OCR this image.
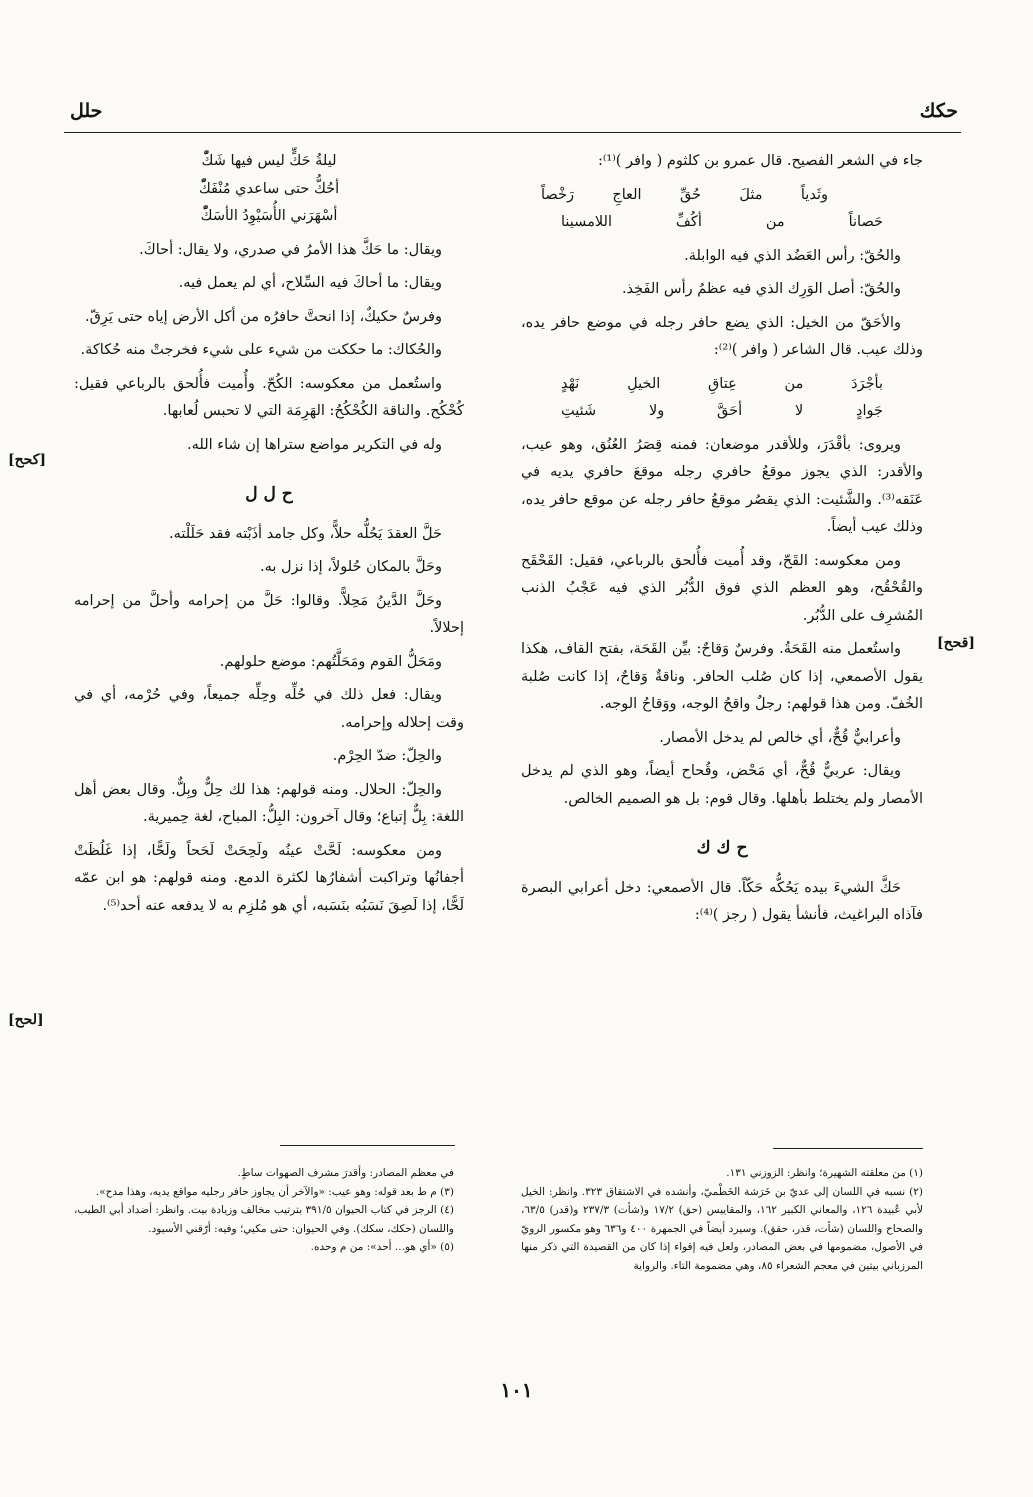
حكك
حلل

جاء في الشعر الفصيح. قال عمرو بن كلثوم ( وافر )⁽¹⁾:

وثَدياً مثلَ حُقِّ العاجِ رَخْصاً
حَصاناً من أكُفِّ اللامسينا

والحُقّ: رأس العَضُد الذي فيه الوابلة.

والحُقّ: أصل الوَرِك الذي فيه عظمُ رأس الفَخِذ.

والأحَقّ من الخيل: الذي يضع حافر رجله في موضع حافر يده، وذلك عيب. قال الشاعر ( وافر )⁽²⁾:

بأجْرَدَ من عِتاقِ الخيلِ نَهْدٍ
جَوادٍ لا أحَقَّ ولا شَئيتِ

ويروى: بأقْدَرَ، وللأقدر موضعان: فمنه قِصَرُ العُنُق، وهو عيب، والأقدر: الذي يجوز موقعُ حافري رجله موقعَ حافري يديه في عَنَقه⁽³⁾. والشَّئيت: الذي يقصُر موقعُ حافر رجله عن موقع حافر يده، وذلك عيب أيضاً.

ومن معكوسه: القَحّ، وقد أُميت فأُلحق بالرباعي، فقيل: القَحْقَح والقُحْقُح، وهو العظم الذي فوق الدُّبُر الذي فيه عَجْبُ الذنب المُشرِف على الدُّبُر.

واستُعمل منه القَحَةُ. وفرسٌ وَقاحٌ: بيِّن القَحَة، بفتح القاف، هكذا يقول الأصمعي، إذا كان صُلب الحافر. وناقةٌ وَقاحٌ، إذا كانت صُلبة الخُفّ. ومن هذا قولهم: رجلٌ واقحُ الوجه، ووَقاحُ الوجه.

وأعرابيٌّ قُحٌّ، أي خالص لم يدخل الأمصار.

ويقال: عربيٌّ قُحٌّ، أي مَحْض، وقُحاح أيضاً، وهو الذي لم يدخل الأمصار ولم يختلط بأهلها. وقال قوم: بل هو الصميم الخالص.

ح ك ك

حَكَّ الشيءَ بيده يَحُكُّه حَكّاً. قال الأصمعي: دخل أعرابي البصرة فآذاه البراغيث، فأنشأ يقول ( رجز )⁽⁴⁾:

[قحح]
ليلةُ حَكٍّ ليس فيها شَكّْ
أحُكُّ حتى ساعدي مُنْفَكّْ
أسْهَرَني الأُسَيْوِدُ الأسَكّْ

ويقال: ما حَكَّ هذا الأمرُ في صدري، ولا يقال: أحاكَ.

ويقال: ما أحاكَ فيه السِّلاح، أي لم يعمل فيه.

وفرسٌ حكيكٌ، إذا انحتَّ حافرُه من أكل الأرض إياه حتى يَرِقّ.

والحُكاك: ما حككت من شيء على شيء فخرجتْ منه حُكاكة.

واستُعمل من معكوسه: الكُحّ. وأُميت فأُلحق بالرباعي فقيل: كُحْكُح. والناقة الكُحْكُحُ: الهَرِمَة التي لا تحبس لُعابها.

وله في التكرير مواضع ستراها إن شاء الله.

ح ل ل

حَلَّ العقدَ يَحُلُّه حلاًّ، وكل جامد أذَبْته فقد حَلَلْته.

وحَلَّ بالمكان حُلولاً، إذا نزل به.

وحَلَّ الدَّينُ مَحِلاًّ. وقالوا: حَلَّ من إحرامه وأحلَّ من إحرامه إحلالاً.

ومَحَلُّ القوم ومَحَلَّتُهم: موضع حلولهم.

ويقال: فعل ذلك في حُلِّه وحِلِّه جميعاً، وفي حُرْمه، أي في وقت إحلاله وإحرامه.

والحِلّ: ضدّ الحِرْم.

والحِلّ: الحلال. ومنه قولهم: هذا لك حِلٌّ وبِلٌّ. وقال بعض أهل اللغة: بِلٌّ إتباع؛ وقال آخرون: البِلُّ: المباح، لغة حِميرية.

ومن معكوسه: لَحَّتْ عينُه ولَحِحَتْ لَحَحاً ولَحًّا، إذا غَلُظَتْ أجفانُها وتراكبت أشفارُها لكثرة الدمع. ومنه قولهم: هو ابن عمّه لَحًّا، إذا لَصِقَ نَسَبُه بنَسَبه، أي هو مُلزِم به لا يدفعه عنه أحد⁽⁵⁾.

[كحح]
[لحح]
(١) من معلقته الشهيرة؛ وانظر: الزوزني ١٣١.
(٢) نسبه في اللسان إلى عديّ بن خَرَشة الخَطْميّ، وأنشده في الاشتقاق ٣٢٣. وانظر: الخيل لأبي عُبيدة ١٢٦، والمعاني الكبير ١٦٢، والمقاييس (حق) ١٧/٢ و(شأت) ٢٣٧/٣ و(قدر) ٦٣/٥، والصحاح واللسان (شأت، قدر، حقق). وسيرد أيضاً في الجمهرة ٤٠٠ و٦٣٦ وهو مكسور الرويّ في الأصول، مضمومها في بعض المصادر، ولعل فيه إقواء إذا كان من القصيدة التي ذكر منها المرزباني بيتين في معجم الشعراء ٨٥، وهي مضمومة التاء. والرواية
في معظم المصادر: وأقدرَ مشرف الصهوات ساطٍ.
(٣) م ط بعد قوله: وهو عيب: «والآخر أن يجاوز حافر رجليه مواقع يديه، وهذا مدح».
(٤) الرجز في كتاب الحيوان ٣٩١/٥ بترتيب مخالف وزيادة بيت. وانظر: أضداد أبي الطيب، واللسان (حكك، سكك). وفي الحيوان: حتى مكيي؛ وفيه: أرّقني الأسيود.
(٥) «أي هو... أحد»: من م وحده.
١٠١
